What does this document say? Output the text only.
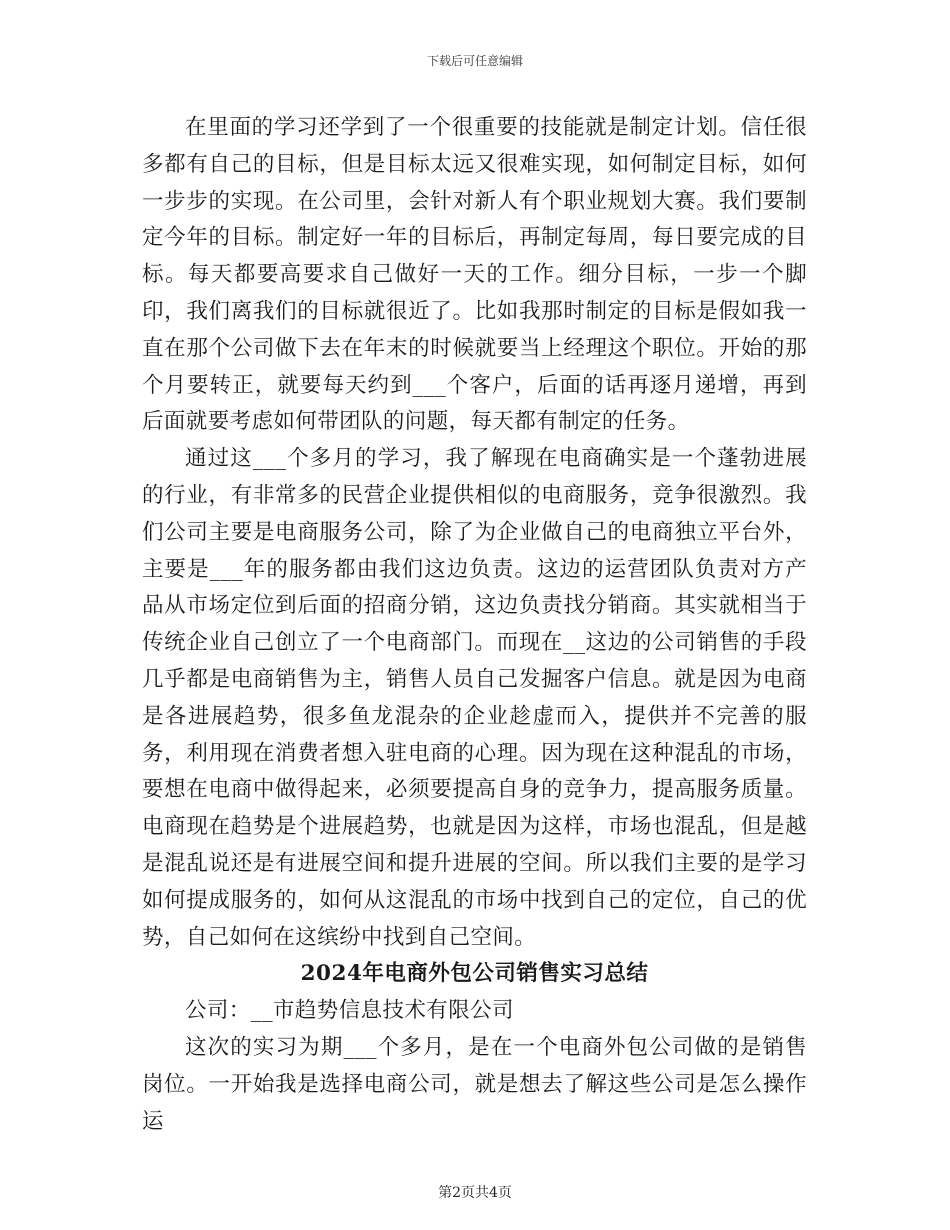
下载后可任意编辑

在里面的学习还学到了一个很重要的技能就是制定计划。信任很多都有自己的目标，但是目标太远又很难实现，如何制定目标，如何一步步的实现。在公司里，会针对新人有个职业规划大赛。我们要制定今年的目标。制定好一年的目标后，再制定每周，每日要完成的目标。每天都要高要求自己做好一天的工作。细分目标，一步一个脚印，我们离我们的目标就很近了。比如我那时制定的目标是假如我一直在那个公司做下去在年末的时候就要当上经理这个职位。开始的那个月要转正，就要每天约到___个客户，后面的话再逐月递增，再到后面就要考虑如何带团队的问题，每天都有制定的任务。

通过这___个多月的学习，我了解现在电商确实是一个蓬勃进展的行业，有非常多的民营企业提供相似的电商服务，竞争很激烈。我们公司主要是电商服务公司，除了为企业做自己的电商独立平台外，主要是___年的服务都由我们这边负责。这边的运营团队负责对方产品从市场定位到后面的招商分销，这边负责找分销商。其实就相当于传统企业自己创立了一个电商部门。而现在__这边的公司销售的手段几乎都是电商销售为主，销售人员自己发掘客户信息。就是因为电商是各进展趋势，很多鱼龙混杂的企业趁虚而入，提供并不完善的服务，利用现在消费者想入驻电商的心理。因为现在这种混乱的市场，要想在电商中做得起来，必须要提高自身的竞争力，提高服务质量。电商现在趋势是个进展趋势，也就是因为这样，市场也混乱，但是越是混乱说还是有进展空间和提升进展的空间。所以我们主要的是学习如何提成服务的，如何从这混乱的市场中找到自己的定位，自己的优势，自己如何在这缤纷中找到自己空间。

2024年电商外包公司销售实习总结

公司：__市趋势信息技术有限公司

这次的实习为期___个多月，是在一个电商外包公司做的是销售岗位。一开始我是选择电商公司，就是想去了解这些公司是怎么操作运

第2页共4页
